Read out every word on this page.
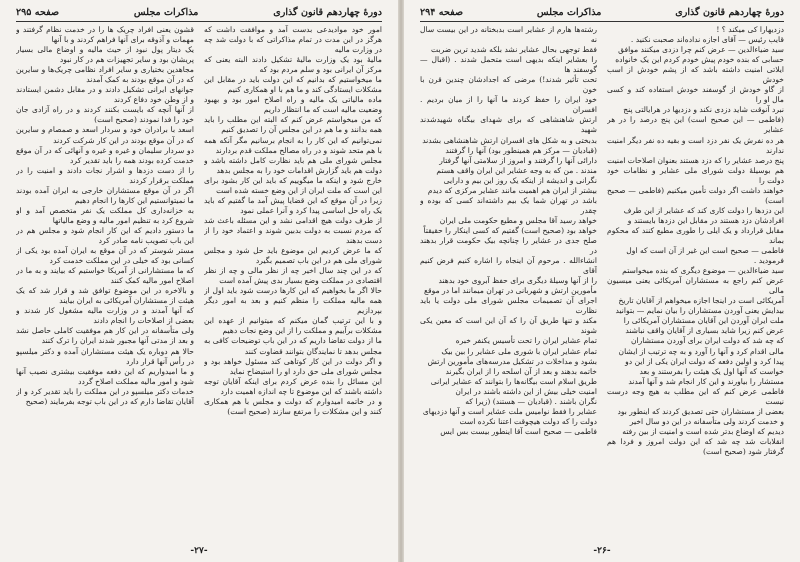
دورهٔ چهاردهم قانون گذاری
مذاکرات مجلس
صفحه ۲۹۵

امور خود موادیدعی بدست آمد و موافقت داشت که هرگز در این مدت در تمام مذاکراتی که با دولت شد چه در وزارت مالیه

مالیهٔ بود یک وزارت مالیهٔ تشکیل دادند البته یعنی که مرکز آن ایرانی بود و سلم مردم بود که

ما میخواستیم که بدانیم که این دولت باید در مقابل این مشکلات ایستادگی کند و ما هم با او همکاری کنیم

ماده مالیاتی یک مالیه و راه اصلاح امور بود و بهبود وضعیت مالیه است که ما انتظار داریم

که من میخواستم عرض کنم که البته این مطلب را باید همه بدانند و ما هم در این مجلس آن را تصدیق کنیم

نمی‌توانیم که این کار را به انجام برسانیم مگر آنکه همه با هم متحد شوند و در راه مصالح مملکت قدم بردارند

مجلس شورای ملی هم باید نظارت کامل داشته باشد و دولت هم باید گزارش اقدامات خود را به مجلس بدهد

خارج شود و اینکه ما میگوییم که باید این کار بشود برای این است که ملت ایران از این وضع خسته شده است

زیرا در آن موقع که این قضایا پیش آمد ما گفتیم که باید یک راه حل اساسی پیدا کرد و آنرا عملی نمود

از طرف دولت هیچ اقدامی نشد و این مسئله باعث شد که مردم نسبت به دولت بدبین شوند و اعتماد خود را از دست بدهند

که ما عرض کردیم این موضوع باید حل شود و مجلس شورای ملی هم در این باب تصمیم بگیرد

که در این چند سال اخیر چه از نظر مالی و چه از نظر اقتصادی در مملکت وضع بسیار بدی پیش آمده است

حالا اگر ما بخواهیم که این کارها درست شود باید اول از همه مالیه مملکت را منظم کنیم و بعد به امور دیگر بپردازیم

و با این ترتیب گمان میکنم که میتوانیم از عهده این مشکلات برآییم و مملکت را از این وضع نجات دهیم

ما از دولت تقاضا داریم که در این باب توضیحات کافی به مجلس بدهد تا نمایندگان بتوانند قضاوت کنند

و اگر دولت در این کار کوتاهی کند مسئول خواهد بود و مجلس شورای ملی حق دارد او را استیضاح نماید

این مسائل را بنده عرض کردم برای اینکه آقایان توجه داشته باشند که این موضوع تا چه اندازه اهمیت دارد

و در خاتمه امیدوارم که دولت و مجلس با هم همکاری کنند و این مشکلات را مرتفع سازند (صحیح است)

قشون یعنی افراد چریک ها را در خدمت نظام گرفتند و مهمات و آذوقه برای آنها فراهم کردند و با آنها

یک دیتار پول نبود از حیث مالیه و اوضاع مالی بسیار پریشان بود و سایر تجهیزات هم در کار نبود

مجاهدین بختیاری و سایر افراد نظامی چریک‌ها و سایرین که در آن موقع بودند به کمک آمدند

جوانهای ایرانی تشکیل دادند و در مقابل دشمن ایستادند و از وطن خود دفاع کردند

از آنها آنچه که بایست بکنند کردند و در راه آزادی جان خود را فدا نمودند (صحیح است)

اسعد با برادران خود و سردار اسعد و صمصام و سایرین که در آن موقع بودند در این کار شرکت کردند

دو سردار سلیمان و غیره و غیره و آنهائی که در آن موقع خدمت کرده بودند همه را باید تقدیر کرد

را از دست دزدها و اشرار نجات دادند و امنیت را در مملکت برقرار کردند

اگر در آن موقع مستشاران خارجی به ایران آمده بودند ما نمیتوانستیم این کارها را انجام دهیم

به خزانه‌داری کل مملکت یک نفر متخصص آمد و او شروع کرد به تنظیم امور مالیه و وضع مالیاتها

ما دستور دادیم که این کار انجام شود و مجلس هم در این باب تصویب نامه صادر کرد

مستر شوستر که در آن موقع به ایران آمده بود یکی از کسانی بود که خیلی در این مملکت خدمت کرد

که ما مستشارانی از آمریکا خواستیم که بیایند و به ما در اصلاح امور مالیه کمک کنند

و بالاخره در این موضوع توافق شد و قرار شد که یک هیئت از مستشاران آمریکائی به ایران بیایند

که آنها آمدند و در وزارت مالیه مشغول کار شدند و بعضی از اصلاحات را انجام دادند

ولی متأسفانه در این کار هم موفقیت کاملی حاصل نشد و بعد از مدتی آنها مجبور شدند ایران را ترک کنند

حالا هم دوباره یک هیئت مستشاران آمده و دکتر میلسپو در رأس آنها قرار دارد

و ما امیدواریم که این دفعه موفقیت بیشتری نصیب آنها شود و امور مالیه مملکت اصلاح گردد

خدمات دکتر میلسپو در این مملکت را باید تقدیر کرد و از آقایان تقاضا دارم که در این باب توجه بفرمایند (صحیح

-۲۷-
دورهٔ چهاردهم قانون گذاری
مذاکرات مجلس
صفحه ۲۹۴

دزدیهارا کی میکند ؟ !

قایب رئیس — آقای اجازه نداده‌اند صحبت نکنید .

سید ضیاء‌الدین — عرض کنم چرا دزدی میکنند موافق

حسابی که بنده خودم پیش خودم کردم این یک خانواده

ایلاتی امنیت داشته باشد که از پشم خودش از اسب خودش

از گاو خودش از گوسفند خودش استفاده کند و کسی مال او را

نبرد آنوقت شاید دزدی نکند و دزدیها در هرایالتی پنج

(فاطمی — این صحیح است) این پنج درصد را در هر عشایر

هر ده نفرش یک نفر دزد است و بقیه ده نفر دیگر امنیت ندارند

پنج درصد عشایر را که دزد هستند بعنوان اصلاحات امنیت

هم بوسیلهٔ دولت شورای ملی عشایر و نظامات خود دولت را

خواهند داشت اگر دولت تأمین میکنیم (فاطمی — صحیح است)

این دزدها را دولت کاری کند که عشایر از این طرف

افرادشان دزد هستند در مقابل این دزدها بایستند و

مقابل قرارداد و یک ایلی را طوری مطیع کنند که محکوم بماند

فاطمی — صحیح است این غیر از آن است که اول

فرمودید .

سید ضیاء‌الدین — موضوع دیگری که بنده میخواستم

عرض کنم راجع به مستشاران آمریکائی یعنی میسیون مالی

آمریکائی است در اینجا اجازه میخواهم از آقایان تاریخ

بیدایش یعنی آوردن مستشاران را بیان نمایم — بتوانید

ملت ایران آوردن این آقایان مستشاران آمریکائی را

عرض کنم زیرا شاید بسیاری از آقایان واقف نباشند

که چه شد که دولت ایران برای آوردن مستشاران

مالی اقدام کرد و آنها را آورد و به چه ترتیب از ایشان

پیدا کرد و اولین دفعه که دولت ایران یکی از این دو

خواست که آنها اول یک هیئت را بفرستند و بعد

مستشار را بیاورند و این کار انجام شد و آنها آمدند

فاطمی عرض کنم که این مطلب به هیچ وجه درست نیست

بعضی از مستشاران حتی تصدیق کردند که اینطور بود

و خدمت کردند ولی متأسفانه در این دو سال اخیر

دیدیم که اوضاع بدتر شده است و امنیت از بین رفته

انقلابات شد چه شد که این دولت امروز و فردا هم گرفتار شود (صحیح است)

رشته‌ها هارم از عشایر است بدبختانه در این بیست سال نه

فقط توجهی بحال عشایر نشد بلکه شدید ترین ضربت

را بعشایر اینکه بدیهی است متحمل شدند . (اقبال — گوسفند ها

تحت تأثیر شدند!) مرضی که اجدادشان چندین قرن با خون

خود ایران را حفظ کردند ما آنها را از میان بردیم . افسران

ارتش شاهنشاهی که برای شهدای بیگناه شهیدشدند شهید

بدبختی و به شکل های افسران ارتش شاهنشاهی بشدند

(قبادیان — مرکز هم همینطور بود) آنها را گرفتند

دارائی آنها را گرفتند و امروز از سلامتی آنها گرفتار

مندند . من که به وجه عشایر این ایران واقف هستم

نگرانی و اندیشه از اینکه یک روز این بیم و دارایی

بیشتر از ایران هم اهمیت مانند عشایر مرکزی که دیدم

باشد در تهران شما یک بیم داشته‌اند کسی که بوده و چقدر

خواهد رسید آقا مجلس و مطیع حکومت ملی ایران

خواهد بود (صحیح است) گفتیم که کسی اینکار را حقیقتاً

صلح جدی در عشایر را چنانچه بیک حکومت قرار بدهند در

انشاءالله . مرحوم آن اینجاه را اشاره کنیم فرض کنیم آقای

را از آنها وسیلهٔ دیگری برای حفظ آبروی خود بدهند

مأمورین ارتش و شهربانی در تهران میمانند اما در موقع

اجرای آن تصمیمات مجلس شورای ملی دولت یا باید نظارت

مکند و تنها طریق آن را که آن این است که معین یکی شوند

تمام عشایر ایران را تحت تأسیس یکنفر خبره

تمام عشایر ایران با شوری ملی عشایر را بین بیک

بشود و مداخلات در تشکیل مدرسه‌های مأمورین ارتش

خاتمه بدهند و بعد از آن اسلحه را از ایران بگیرند

طریق اسلام است بیگانه‌ها را بتوانند که عشایر ایرانی

امنیت خیلی بیش از این داشته باشند در ایران

نگران باشند . (قبادیان — هستند) (زیرا که

عشایر را فقط نوامیس ملت عشایر است و آنها دزدیهای

دولت را که دولت هیچوقت اعتنا نکرده است

فاطمی — صحیح است آقا اینطور بیست بس ایس

-۲۶-
